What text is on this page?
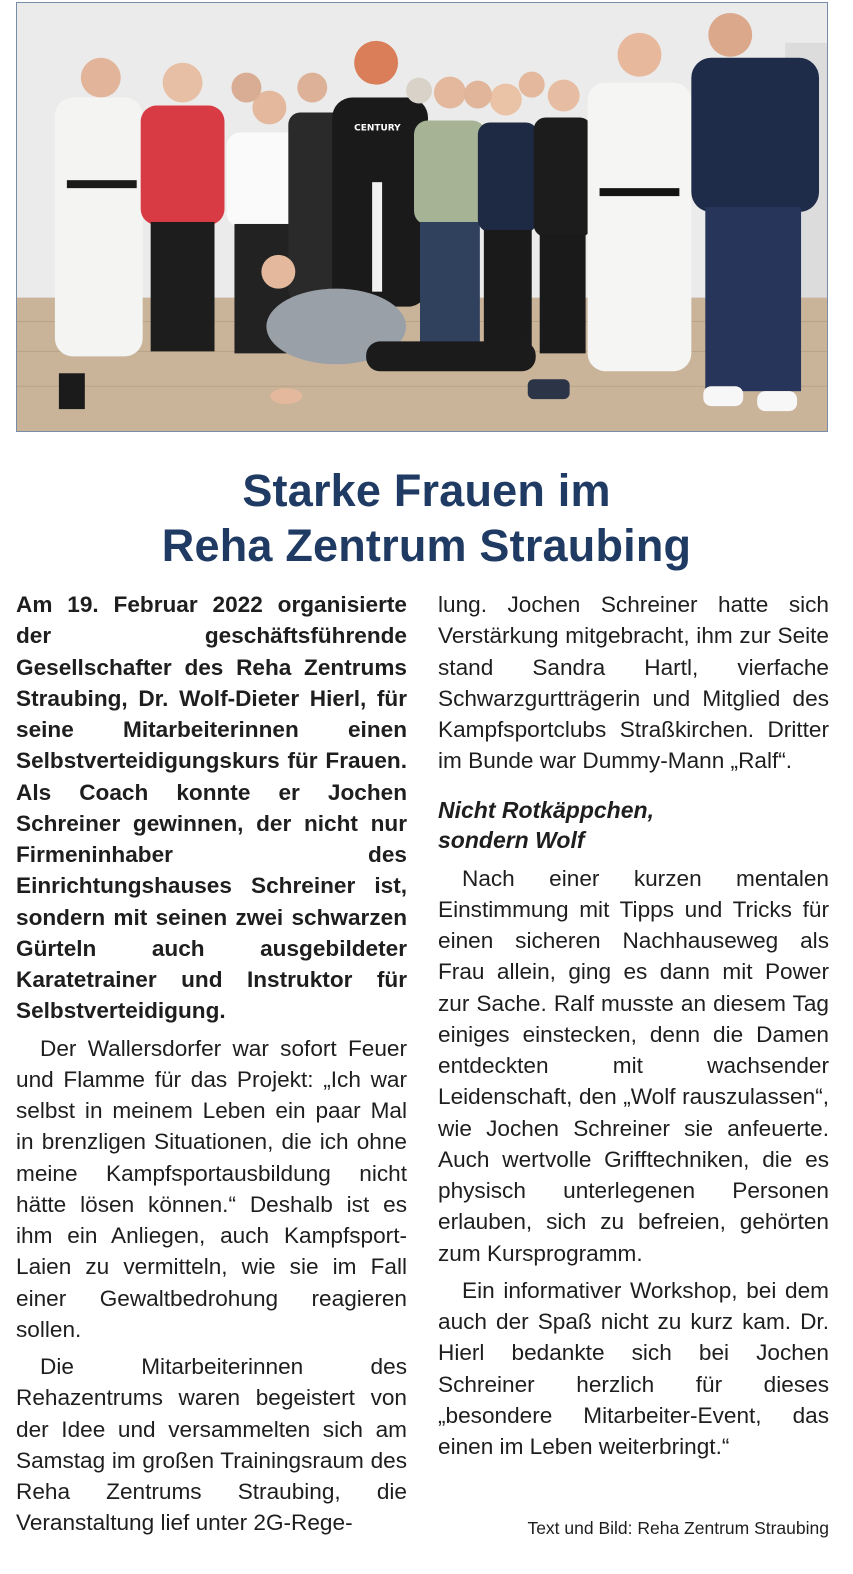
CENTURY
Starke Frauen im
Reha Zentrum Straubing

Am 19. Februar 2022 organisierte der geschäftsführende Gesellschafter des Reha Zentrums Straubing, Dr. Wolf-Dieter Hierl, für seine Mitarbeiterinnen einen Selbstverteidigungskurs für Frauen. Als Coach konnte er Jochen Schreiner gewinnen, der nicht nur Firmeninhaber des Einrichtungshauses Schreiner ist, sondern mit seinen zwei schwarzen Gürteln auch ausgebildeter Karatetrainer und Instruktor für Selbstverteidigung.

Der Wallersdorfer war sofort Feuer und Flamme für das Projekt: „Ich war selbst in meinem Leben ein paar Mal in brenzligen Situationen, die ich ohne meine Kampfsportausbildung nicht hätte lösen können.“ Deshalb ist es ihm ein Anliegen, auch Kampfsport-Laien zu vermitteln, wie sie im Fall einer Gewaltbedrohung reagieren sollen.

Die Mitarbeiterinnen des Rehazentrums waren begeistert von der Idee und versammelten sich am Samstag im großen Trainingsraum des Reha Zentrums Straubing, die Veranstaltung lief unter 2G-Rege-

lung. Jochen Schreiner hatte sich Verstärkung mitgebracht, ihm zur Seite stand Sandra Hartl, vierfache Schwarzgurtträgerin und Mitglied des Kampfsportclubs Straßkirchen. Dritter im Bunde war Dummy-Mann „Ralf“.

Nicht Rotkäppchen,
sondern Wolf

Nach einer kurzen mentalen Einstimmung mit Tipps und Tricks für einen sicheren Nachhauseweg als Frau allein, ging es dann mit Power zur Sache. Ralf musste an diesem Tag einiges einstecken, denn die Damen entdeckten mit wachsender Leidenschaft, den „Wolf rauszulassen“, wie Jochen Schreiner sie anfeuerte. Auch wertvolle Grifftechniken, die es physisch unterlegenen Personen erlauben, sich zu befreien, gehörten zum Kursprogramm.

Ein informativer Workshop, bei dem auch der Spaß nicht zu kurz kam. Dr. Hierl bedankte sich bei Jochen Schreiner herzlich für dieses „besondere Mitarbeiter-Event, das einen im Leben weiterbringt.“

Text und Bild: Reha Zentrum Straubing
